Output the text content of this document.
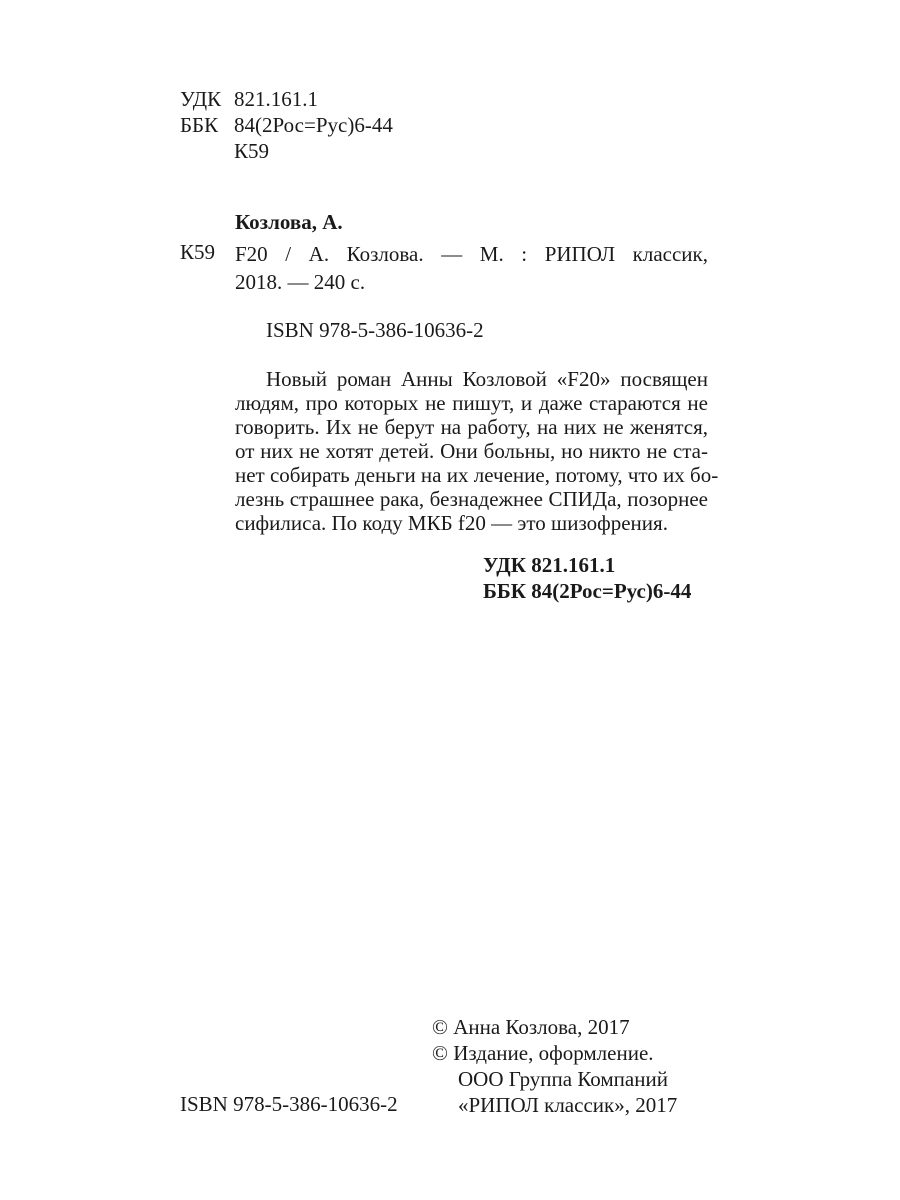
УДК 821.161.1
ББК 84(2Рос=Рус)6-44
К59
Козлова, А.
К59 F20 / А. Козлова. — М. : РИПОЛ классик,
2018. — 240 с.
ISBN 978-5-386-10636-2
Новый роман Анны Козловой «F20» посвящен
людям, про которых не пишут, и даже стараются не
говорить. Их не берут на работу, на них не женятся,
от них не хотят детей. Они больны, но никто не ста-
нет собирать деньги на их лечение, потому, что их бо-
лезнь страшнее рака, безнадежнее СПИДа, позорнее
сифилиса. По коду МКБ f20 — это шизофрения.
УДК 821.161.1
ББК 84(2Рос=Рус)6-44
ISBN 978-5-386-10636-2
© Анна Козлова, 2017
© Издание, оформление.
ООО Группа Компаний
«РИПОЛ классик», 2017
